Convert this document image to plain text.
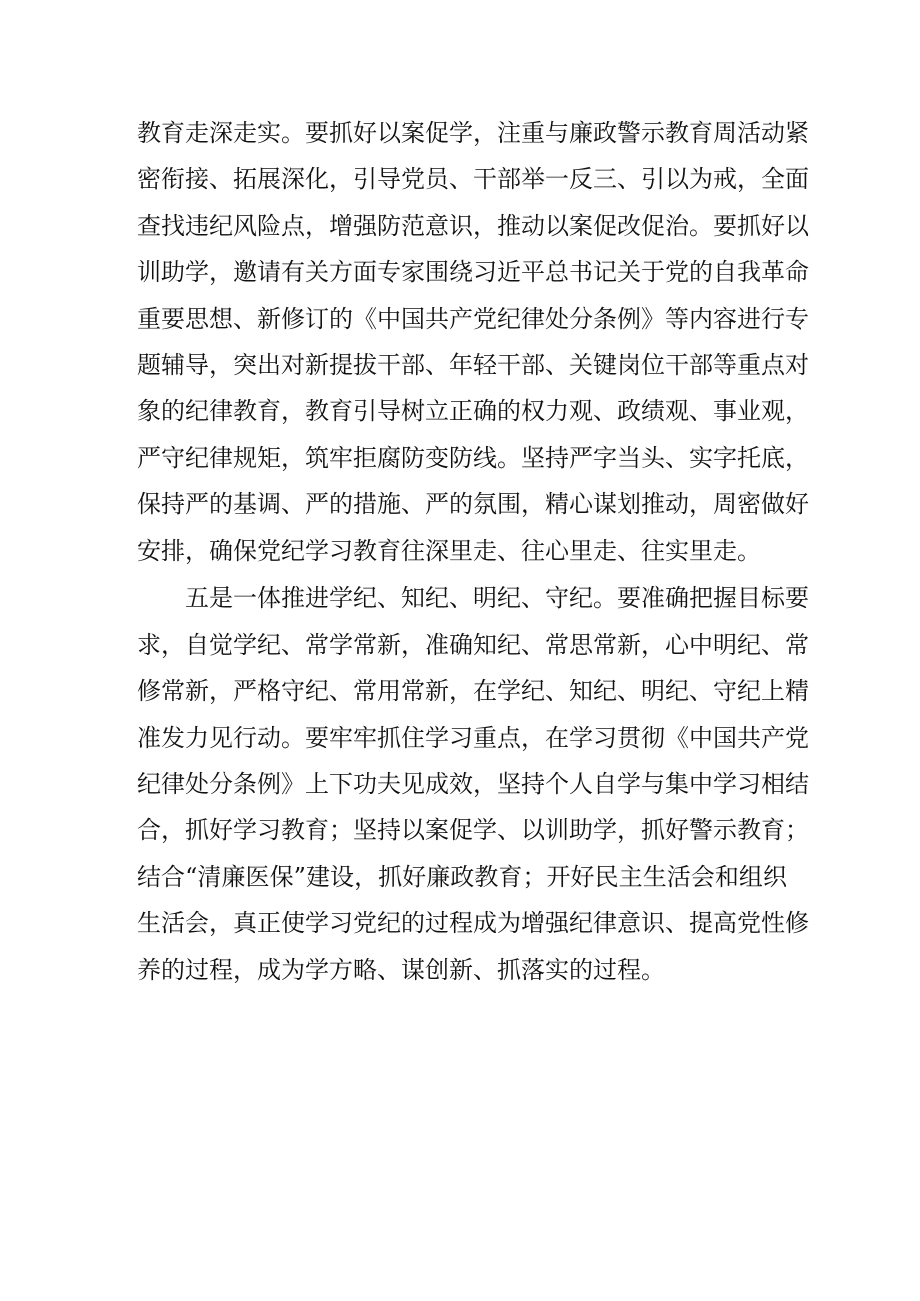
教育走深走实。要抓好以案促学，注重与廉政警示教育周活动紧
密衔接、拓展深化，引导党员、干部举一反三、引以为戒，全面
查找违纪风险点，增强防范意识，推动以案促改促治。要抓好以
训助学，邀请有关方面专家围绕习近平总书记关于党的自我革命
重要思想、新修订的《中国共产党纪律处分条例》等内容进行专
题辅导，突出对新提拔干部、年轻干部、关键岗位干部等重点对
象的纪律教育，教育引导树立正确的权力观、政绩观、事业观，
严守纪律规矩，筑牢拒腐防变防线。坚持严字当头、实字托底，
保持严的基调、严的措施、严的氛围，精心谋划推动，周密做好
安排，确保党纪学习教育往深里走、往心里走、往实里走。
五是一体推进学纪、知纪、明纪、守纪。要准确把握目标要
求，自觉学纪、常学常新，准确知纪、常思常新，心中明纪、常
修常新，严格守纪、常用常新，在学纪、知纪、明纪、守纪上精
准发力见行动。要牢牢抓住学习重点，在学习贯彻《中国共产党
纪律处分条例》上下功夫见成效，坚持个人自学与集中学习相结
合，抓好学习教育；坚持以案促学、以训助学，抓好警示教育；
结合“清廉医保”建设，抓好廉政教育；开好民主生活会和组织
生活会，真正使学习党纪的过程成为增强纪律意识、提高党性修
养的过程，成为学方略、谋创新、抓落实的过程。
